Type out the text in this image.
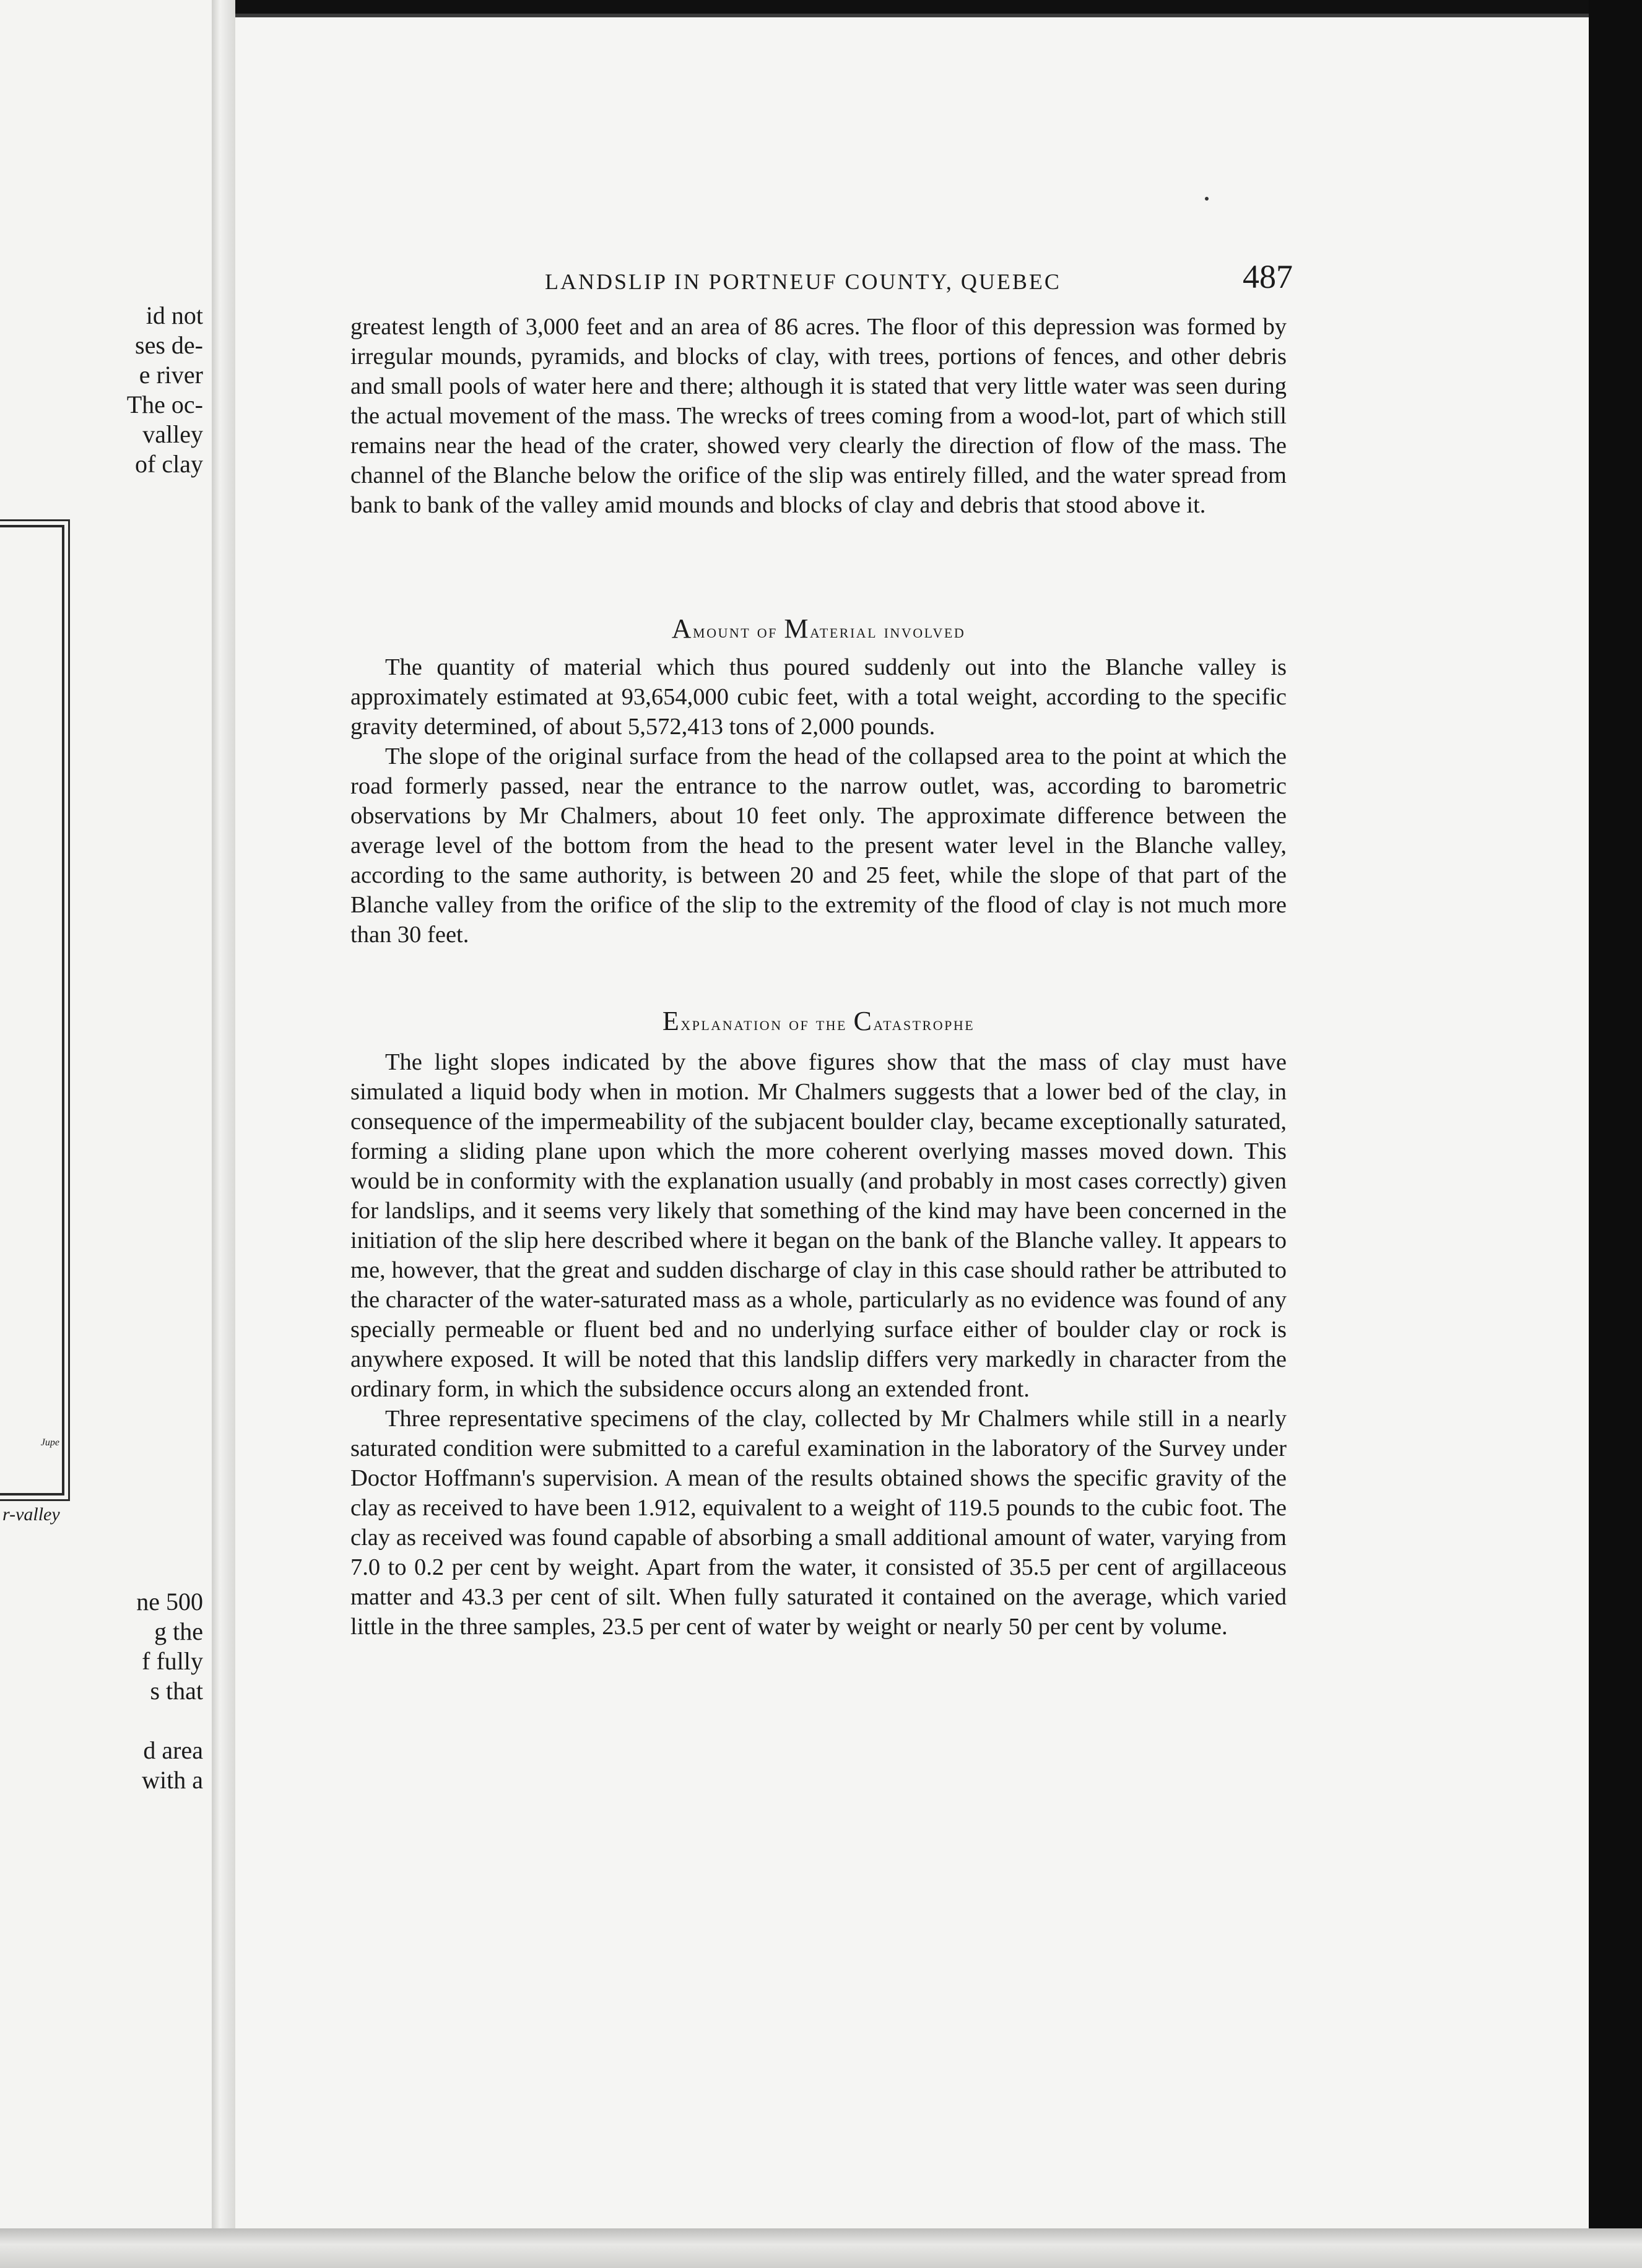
id not
ses de-
e river
The oc-
valley
of clay
Jupe
r-valley
ne 500
g the
f fully
s that
d area
with a
LANDSLIP IN PORTNEUF COUNTY, QUEBEC	487

greatest length of 3,000 feet and an area of 86 acres. The floor of this depression was formed by irregular mounds, pyramids, and blocks of clay, with trees, portions of fences, and other debris and small pools of water here and there; although it is stated that very little water was seen during the actual movement of the mass. The wrecks of trees coming from a wood-lot, part of which still remains near the head of the crater, showed very clearly the direction of flow of the mass. The channel of the Blanche below the orifice of the slip was entirely filled, and the water spread from bank to bank of the valley amid mounds and blocks of clay and debris that stood above it.

Amount of Material involved

The quantity of material which thus poured suddenly out into the Blanche valley is approximately estimated at 93,654,000 cubic feet, with a total weight, according to the specific gravity determined, of about 5,572,413 tons of 2,000 pounds.

The slope of the original surface from the head of the collapsed area to the point at which the road formerly passed, near the entrance to the narrow outlet, was, according to barometric observations by Mr Chalmers, about 10 feet only. The approximate difference between the average level of the bottom from the head to the present water level in the Blanche valley, according to the same authority, is between 20 and 25 feet, while the slope of that part of the Blanche valley from the orifice of the slip to the extremity of the flood of clay is not much more than 30 feet.

Explanation of the Catastrophe

The light slopes indicated by the above figures show that the mass of clay must have simulated a liquid body when in motion. Mr Chalmers suggests that a lower bed of the clay, in consequence of the impermeability of the subjacent boulder clay, became exceptionally saturated, forming a sliding plane upon which the more coherent overlying masses moved down. This would be in conformity with the explanation usually (and probably in most cases correctly) given for landslips, and it seems very likely that something of the kind may have been concerned in the initiation of the slip here described where it began on the bank of the Blanche valley. It appears to me, however, that the great and sudden discharge of clay in this case should rather be attributed to the character of the water-saturated mass as a whole, particularly as no evidence was found of any specially permeable or fluent bed and no underlying surface either of boulder clay or rock is anywhere exposed. It will be noted that this landslip differs very markedly in character from the ordinary form, in which the subsidence occurs along an extended front.

Three representative specimens of the clay, collected by Mr Chalmers while still in a nearly saturated condition were submitted to a careful examination in the laboratory of the Survey under Doctor Hoffmann's supervision. A mean of the results obtained shows the specific gravity of the clay as received to have been 1.912, equivalent to a weight of 119.5 pounds to the cubic foot. The clay as received was found capable of absorbing a small additional amount of water, varying from 7.0 to 0.2 per cent by weight. Apart from the water, it consisted of 35.5 per cent of argillaceous matter and 43.3 per cent of silt. When fully saturated it contained on the average, which varied little in the three samples, 23.5 per cent of water by weight or nearly 50 per cent by volume.
